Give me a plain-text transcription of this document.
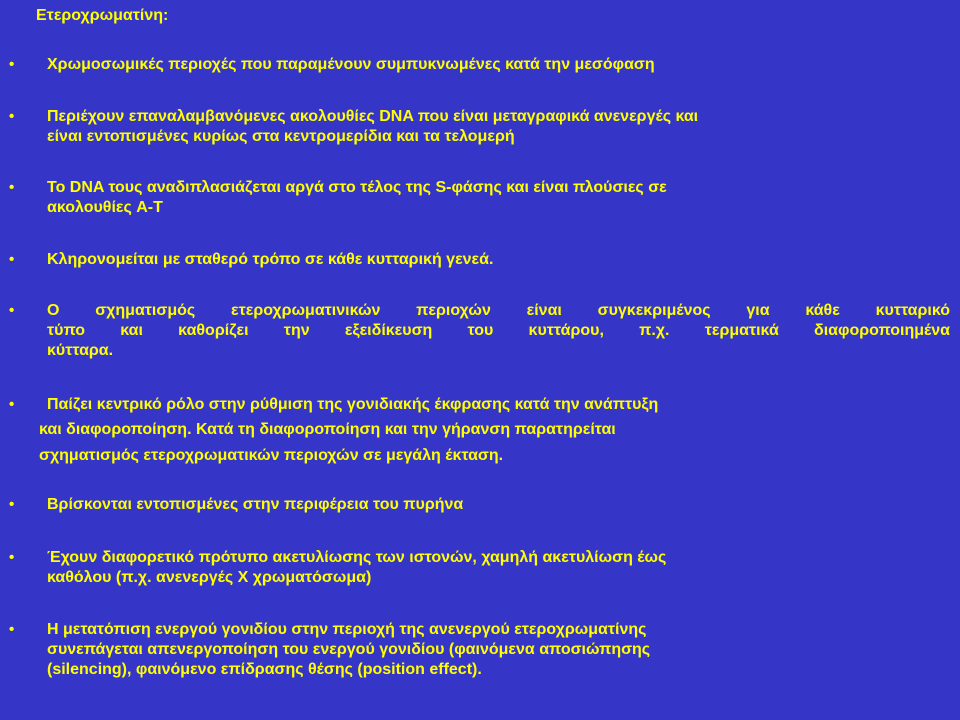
Ετεροχρωματίνη:
• Χρωμοσωμικές περιοχές που παραμένουν συμπυκνωμένες κατά την μεσόφαση
• Περιέχουν επαναλαμβανόμενες ακολουθίες DNA που είναι μεταγραφικά ανενεργές και
είναι εντοπισμένες κυρίως στα κεντρομερίδια και τα τελομερή
• Το DNA τους αναδιπλασιάζεται αργά στο τέλος της S-φάσης και είναι πλούσιες σε
ακολουθίες A-T
• Κληρονομείται με σταθερό τρόπο σε κάθε κυτταρική γενεά.
• Ο σχηματισμός ετεροχρωματινικών περιοχών είναι συγκεκριμένος για κάθε κυτταρικό
τύπο και καθορίζει την εξειδίκευση του κυττάρου, π.χ. τερματικά διαφοροποιημένα
κύτταρα.
• Παίζει κεντρικό ρόλο στην ρύθμιση της γονιδιακής έκφρασης κατά την ανάπτυξη
και διαφοροποίηση. Κατά τη διαφοροποίηση και την γήρανση παρατηρείται
σχηματισμός ετεροχρωματικών περιοχών σε μεγάλη έκταση.
• Βρίσκονται εντοπισμένες στην περιφέρεια του πυρήνα
• Έχουν διαφορετικό πρότυπο ακετυλίωσης των ιστονών, χαμηλή ακετυλίωση έως
καθόλου (π.χ. ανενεργές Χ χρωματόσωμα)
• Η μετατόπιση ενεργού γονιδίου στην περιοχή της ανενεργού ετεροχρωματίνης
συνεπάγεται απενεργοποίηση του ενεργού γονιδίου (φαινόμενα αποσιώπησης
(silencing), φαινόμενο επίδρασης θέσης (position effect).
